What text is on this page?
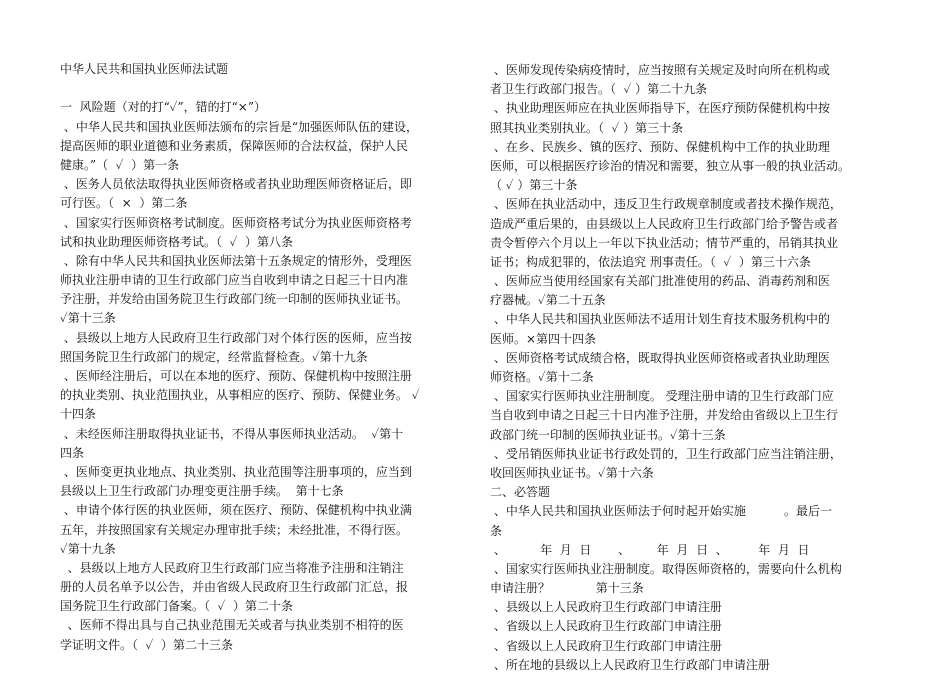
中华人民共和国执业医师法试题
一  风险题（对的打“✓”，错的打“×”）
、中华人民共和国执业医师法颁布的宗旨是“加强医师队伍的建设，
提高医师的职业道德和业务素质，保障医师的合法权益，保护人民
健康。”（  ✓  ）第一条
、医务人员依法取得执业医师资格或者执业助理医师资格证后，即
可行医。（  ×  ）第二条
、国家实行医师资格考试制度。医师资格考试分为执业医师资格考
试和执业助理医师资格考试。（  ✓  ）第八条
、除有中华人民共和国执业医师法第十五条规定的情形外，受理医
师执业注册申请的卫生行政部门应当自收到申请之日起三十日内准
予注册，并发给由国务院卫生行政部门统一印制的医师执业证书。
✓第十三条
、县级以上地方人民政府卫生行政部门对个体行医的医师，应当按
照国务院卫生行政部门的规定，经常监督检查。✓第十九条
、医师经注册后，可以在本地的医疗、预防、保健机构中按照注册
的执业类别、执业范围执业，从事相应的医疗、预防、保健业务。 ✓
十四条
、未经医师注册取得执业证书，不得从事医师执业活动。  ✓第十
四条
、医师变更执业地点、执业类别、执业范围等注册事项的，应当到
县级以上卫生行政部门办理变更注册手续。  第十七条
、申请个体行医的执业医师，须在医疗、预防、保健机构中执业满
五年，并按照国家有关规定办理审批手续；未经批准，不得行医。
✓第十九条
、县级以上地方人民政府卫生行政部门应当将准予注册和注销注
册的人员名单予以公告，并由省级人民政府卫生行政部门汇总，报
国务院卫生行政部门备案。（  ✓  ）第二十条
、医师不得出具与自己执业范围无关或者与执业类别不相符的医
学证明文件。（  ✓  ）第二十三条
、医师发现传染病疫情时，应当按照有关规定及时向所在机构或
者卫生行政部门报告。（  ✓ ）第二十九条
、执业助理医师应在执业医师指导下，在医疗预防保健机构中按
照其执业类别执业。（  ✓ ）第三十条
、在乡、民族乡、镇的医疗、预防、保健机构中工作的执业助理
医师，可以根据医疗诊治的情况和需要，独立从事一般的执业活动。
（ ✓ ）第三十条
、医师在执业活动中，违反卫生行政规章制度或者技术操作规范，
造成严重后果的，由县级以上人民政府卫生行政部门给予警告或者
责令暂停六个月以上一年以下执业活动；情节严重的，吊销其执业
证书；构成犯罪的，依法追究 刑事责任。（  ✓  ）第三十六条
、医师应当使用经国家有关部门批准使用的药品、消毒药剂和医
疗器械。✓第二十五条
、中华人民共和国执业医师法不适用计划生育技术服务机构中的
医师。×第四十四条
、医师资格考试成绩合格，既取得执业医师资格或者执业助理医
师资格。✓第十二条
、国家实行医师执业注册制度。 受理注册申请的卫生行政部门应
当自收到申请之日起三十日内准予注册，并发给由省级以上卫生行
政部门统一印制的医师执业证书。✓第十三条
、受吊销医师执业证书行政处罚的，卫生行政部门应当注销注册，
收回医师执业证书。✓第十六条
二、必答题
、中华人民共和国执业医师法于何时起开始实施          。最后一
条
、         年  月  日       、       年  月  日  、        年  月  日
、国家实行医师执业注册制度。取得医师资格的，需要向什么机构
申请注册？            第十三条
、县级以上人民政府卫生行政部门申请注册
、省级以上人民政府卫生行政部门申请注册
、省级以上人民政府卫生行政部门申请注册
、所在地的县级以上人民政府卫生行政部门申请注册
